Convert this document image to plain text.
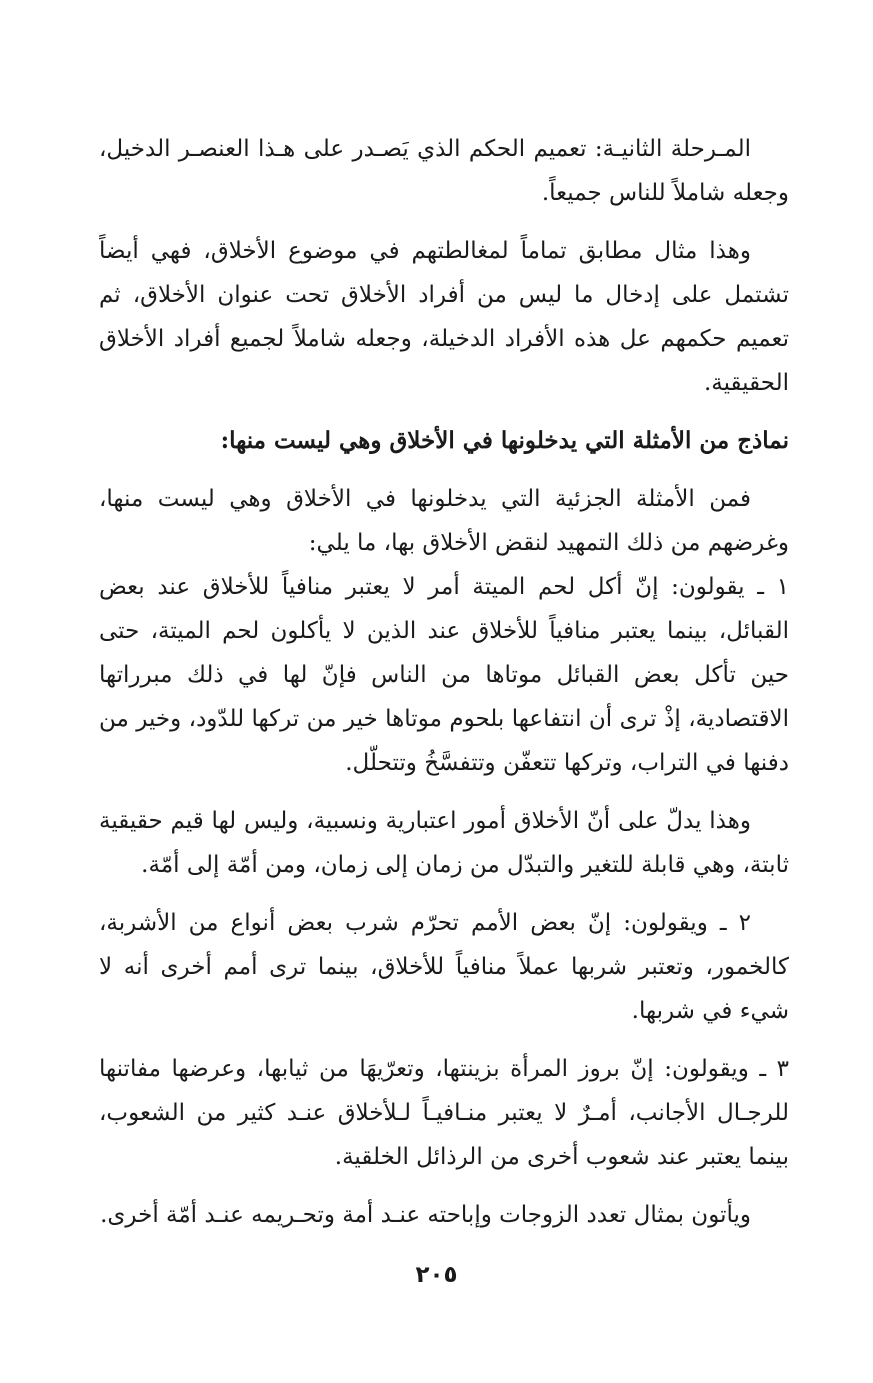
المـرحلة الثانيـة: تعميم الحكم الذي يَصـدر على هـذا العنصـر الدخيل، وجعله شاملاً للناس جميعاً.

وهذا مثال مطابق تماماً لمغالطتهم في موضوع الأخلاق، فهي أيضاً تشتمل على إدخال ما ليس من أفراد الأخلاق تحت عنوان الأخلاق، ثم تعميم حكمهم عل هذه الأفراد الدخيلة، وجعله شاملاً لجميع أفراد الأخلاق الحقيقية.

نماذج من الأمثلة التي يدخلونها في الأخلاق وهي ليست منها:

فمن الأمثلة الجزئية التي يدخلونها في الأخلاق وهي ليست منها، وغرضهم من ذلك التمهيد لنقض الأخلاق بها، ما يلي:

١ ـ يقولون: إنّ أكل لحم الميتة أمر لا يعتبر منافياً للأخلاق عند بعض القبائل، بينما يعتبر منافياً للأخلاق عند الذين لا يأكلون لحم الميتة، حتى حين تأكل بعض القبائل موتاها من الناس فإنّ لها في ذلك مبرراتها الاقتصادية، إذْ ترى أن انتفاعها بلحوم موتاها خير من تركها للدّود، وخير من دفنها في التراب، وتركها تتعفّن وتتفسَّخُ وتتحلّل.

وهذا يدلّ على أنّ الأخلاق أمور اعتبارية ونسبية، وليس لها قيم حقيقية ثابتة، وهي قابلة للتغير والتبدّل من زمان إلى زمان، ومن أمّة إلى أمّة.

٢ ـ ويقولون: إنّ بعض الأمم تحرّم شرب بعض أنواع من الأشربة، كالخمور، وتعتبر شربها عملاً منافياً للأخلاق، بينما ترى أمم أخرى أنه لا شيء في شربها.

٣ ـ ويقولون: إنّ بروز المرأة بزينتها، وتعرّيهَا من ثيابها، وعرضها مفاتنها للرجـال الأجانب، أمـرٌ لا يعتبر منـافيـاً لـلأخلاق عنـد كثير من الشعوب، بينما يعتبر عند شعوب أخرى من الرذائل الخلقية.

ويأتون بمثال تعدد الزوجات وإباحته عنـد أمة وتحـريمه عنـد أمّة أخرى.

٢٠٥
